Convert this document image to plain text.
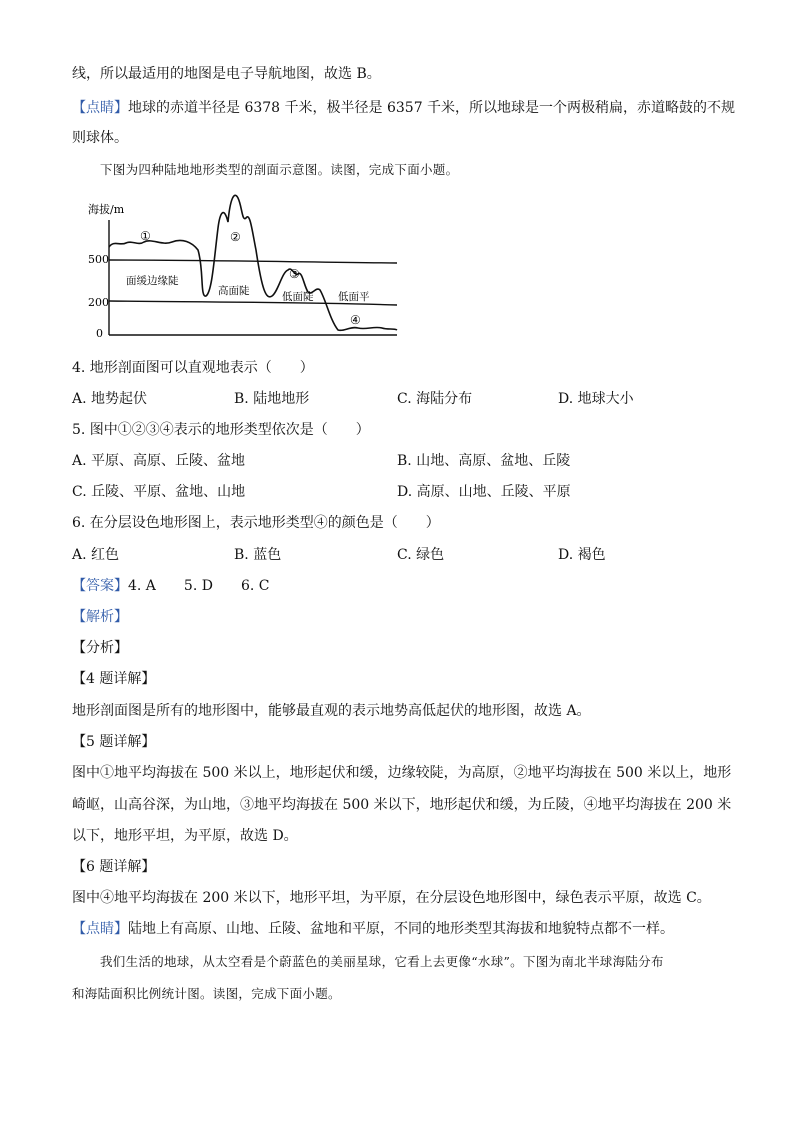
线，所以最适用的地图是电子导航地图，故选 B。
【点睛】地球的赤道半径是 6378 千米，极半径是 6357 千米，所以地球是一个两极稍扁，赤道略鼓的不规
则球体。
下图为四种陆地地形类型的剖面示意图。读图，完成下面小题。
海拔/m
500
200
0
①	②
③
④
面缓边缘陡
高面陡	低面陡 低面平
4. 地形剖面图可以直观地表示（　　）
A. 地势起伏	B. 陆地地形	C. 海陆分布	D. 地球大小
5. 图中①②③④表示的地形类型依次是（　　）
A. 平原、高原、丘陵、盆地	B. 山地、高原、盆地、丘陵
C. 丘陵、平原、盆地、山地	D. 高原、山地、丘陵、平原
6. 在分层设色地形图上，表示地形类型④的颜色是（　　）
A. 红色	B. 蓝色	C. 绿色	D. 褐色
【答案】4. A　　5. D　　6. C
【解析】
【分析】
【4 题详解】
地形剖面图是所有的地形图中，能够最直观的表示地势高低起伏的地形图，故选 A。
【5 题详解】
图中①地平均海拔在 500 米以上，地形起伏和缓，边缘较陡，为高原，②地平均海拔在 500 米以上，地形
崎岖，山高谷深，为山地，③地平均海拔在 500 米以下，地形起伏和缓，为丘陵，④地平均海拔在 200 米
以下，地形平坦，为平原，故选 D。
【6 题详解】
图中④地平均海拔在 200 米以下，地形平坦，为平原，在分层设色地形图中，绿色表示平原，故选 C。
【点睛】陆地上有高原、山地、丘陵、盆地和平原，不同的地形类型其海拔和地貌特点都不一样。
我们生活的地球，从太空看是个蔚蓝色的美丽星球，它看上去更像“水球”。下图为南北半球海陆分布
和海陆面积比例统计图。读图，完成下面小题。
